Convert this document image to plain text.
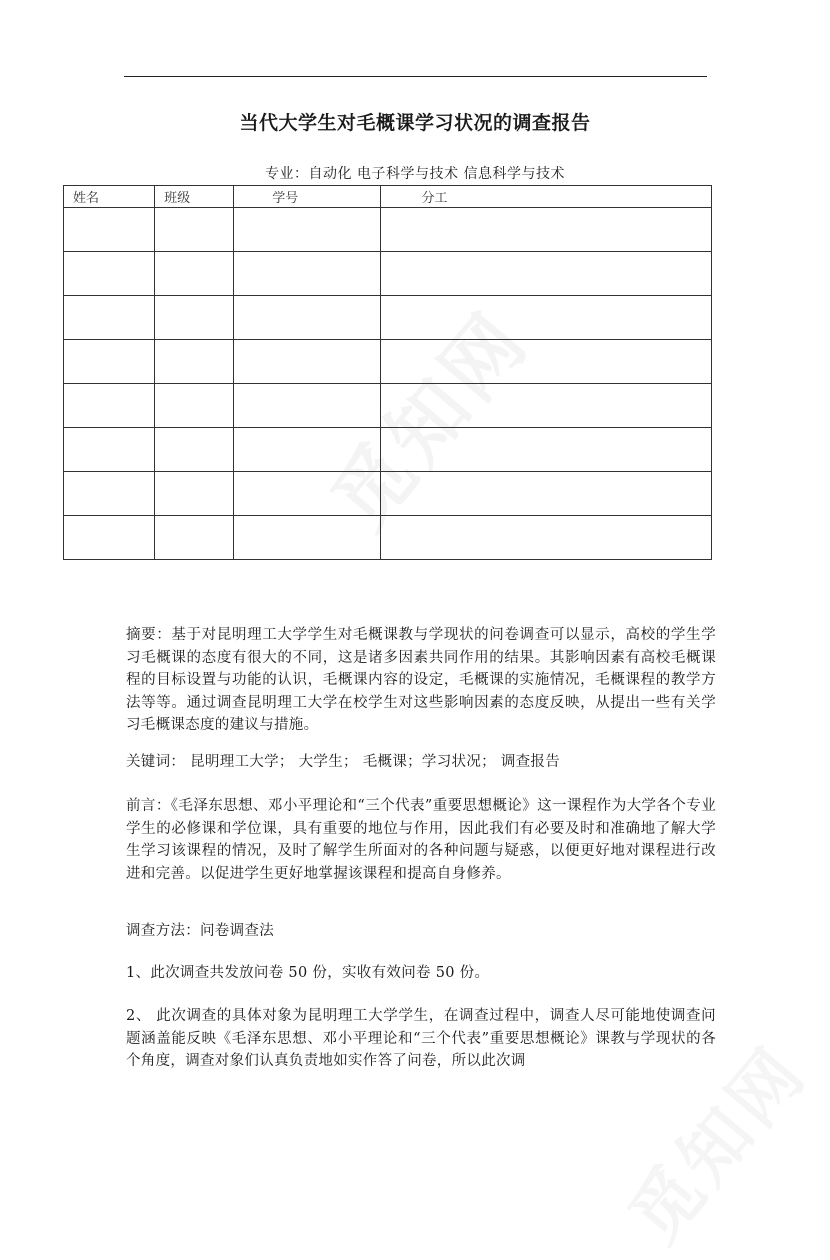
当代大学生对毛概课学习状况的调查报告
专业：自动化 电子科学与技术 信息科学与技术
姓名	班级	学号	分工

摘要：基于对昆明理工大学学生对毛概课教与学现状的问卷调查可以显示，高校的学生学习毛概课的态度有很大的不同，这是诸多因素共同作用的结果。其影响因素有高校毛概课程的目标设置与功能的认识，毛概课内容的设定，毛概课的实施情况，毛概课程的教学方法等等。通过调查昆明理工大学在校学生对这些影响因素的态度反映，从提出一些有关学习毛概课态度的建议与措施。
关键词： 昆明理工大学； 大学生； 毛概课；学习状况； 调查报告
前言：《毛泽东思想、邓小平理论和“三个代表”重要思想概论》这一课程作为大学各个专业学生的必修课和学位课，具有重要的地位与作用，因此我们有必要及时和准确地了解大学生学习该课程的情况，及时了解学生所面对的各种问题与疑惑，以便更好地对课程进行改进和完善。以促进学生更好地掌握该课程和提高自身修养。
调查方法：问卷调查法
1、此次调查共发放问卷 50 份，实收有效问卷 50 份。
2、 此次调查的具体对象为昆明理工大学学生，在调查过程中，调查人尽可能地使调查问题涵盖能反映《毛泽东思想、邓小平理论和“三个代表”重要思想概论》课教与学现状的各个角度，调查对象们认真负责地如实作答了问卷，所以此次调
